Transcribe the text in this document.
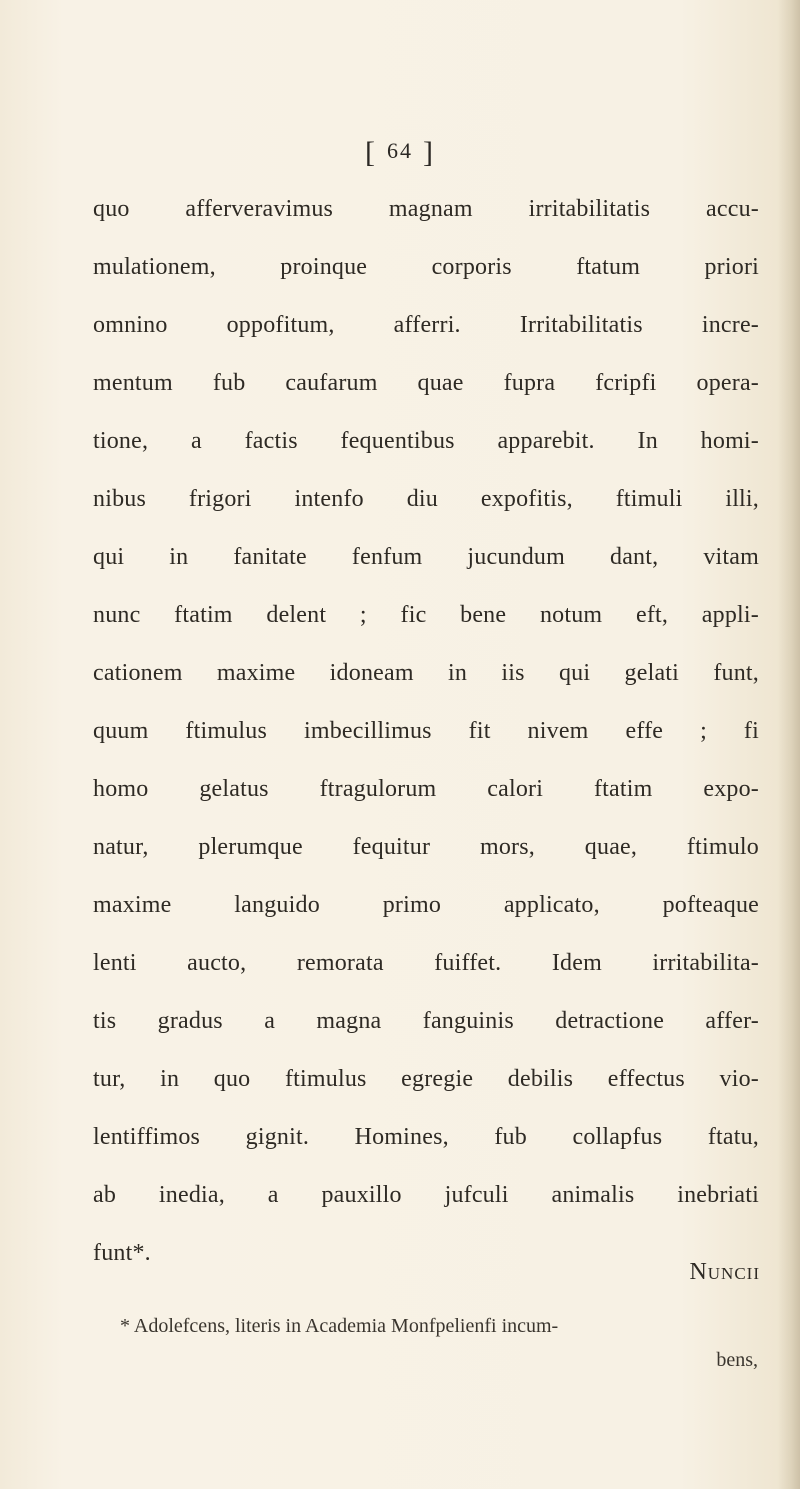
[ 64 ]
quo afferveravimus magnam irritabilitatis accu-
mulationem, proinque corporis ftatum priori
omnino oppofitum, afferri. Irritabilitatis incre-
mentum fub caufarum quae fupra fcripfi opera-
tione, a factis fequentibus apparebit. In homi-
nibus frigori intenfo diu expofitis, ftimuli illi,
qui in fanitate fenfum jucundum dant, vitam
nunc ftatim delent ; fic bene notum eft, appli-
cationem maxime idoneam in iis qui gelati funt,
quum ftimulus imbecillimus fit nivem effe ; fi
homo gelatus ftragulorum calori ftatim expo-
natur, plerumque fequitur mors, quae, ftimulo
maxime languido primo applicato, pofteaque
lenti aucto, remorata fuiffet. Idem irritabilita-
tis gradus a magna fanguinis detractione affer-
tur, in quo ftimulus egregie debilis effectus vio-
lentiffimos gignit. Homines, fub collapfus ftatu,
ab inedia, a pauxillo jufculi animalis inebriati
funt*.
Nuncii
* Adolefcens, literis in Academia Monfpelienfi incum-
bens,
